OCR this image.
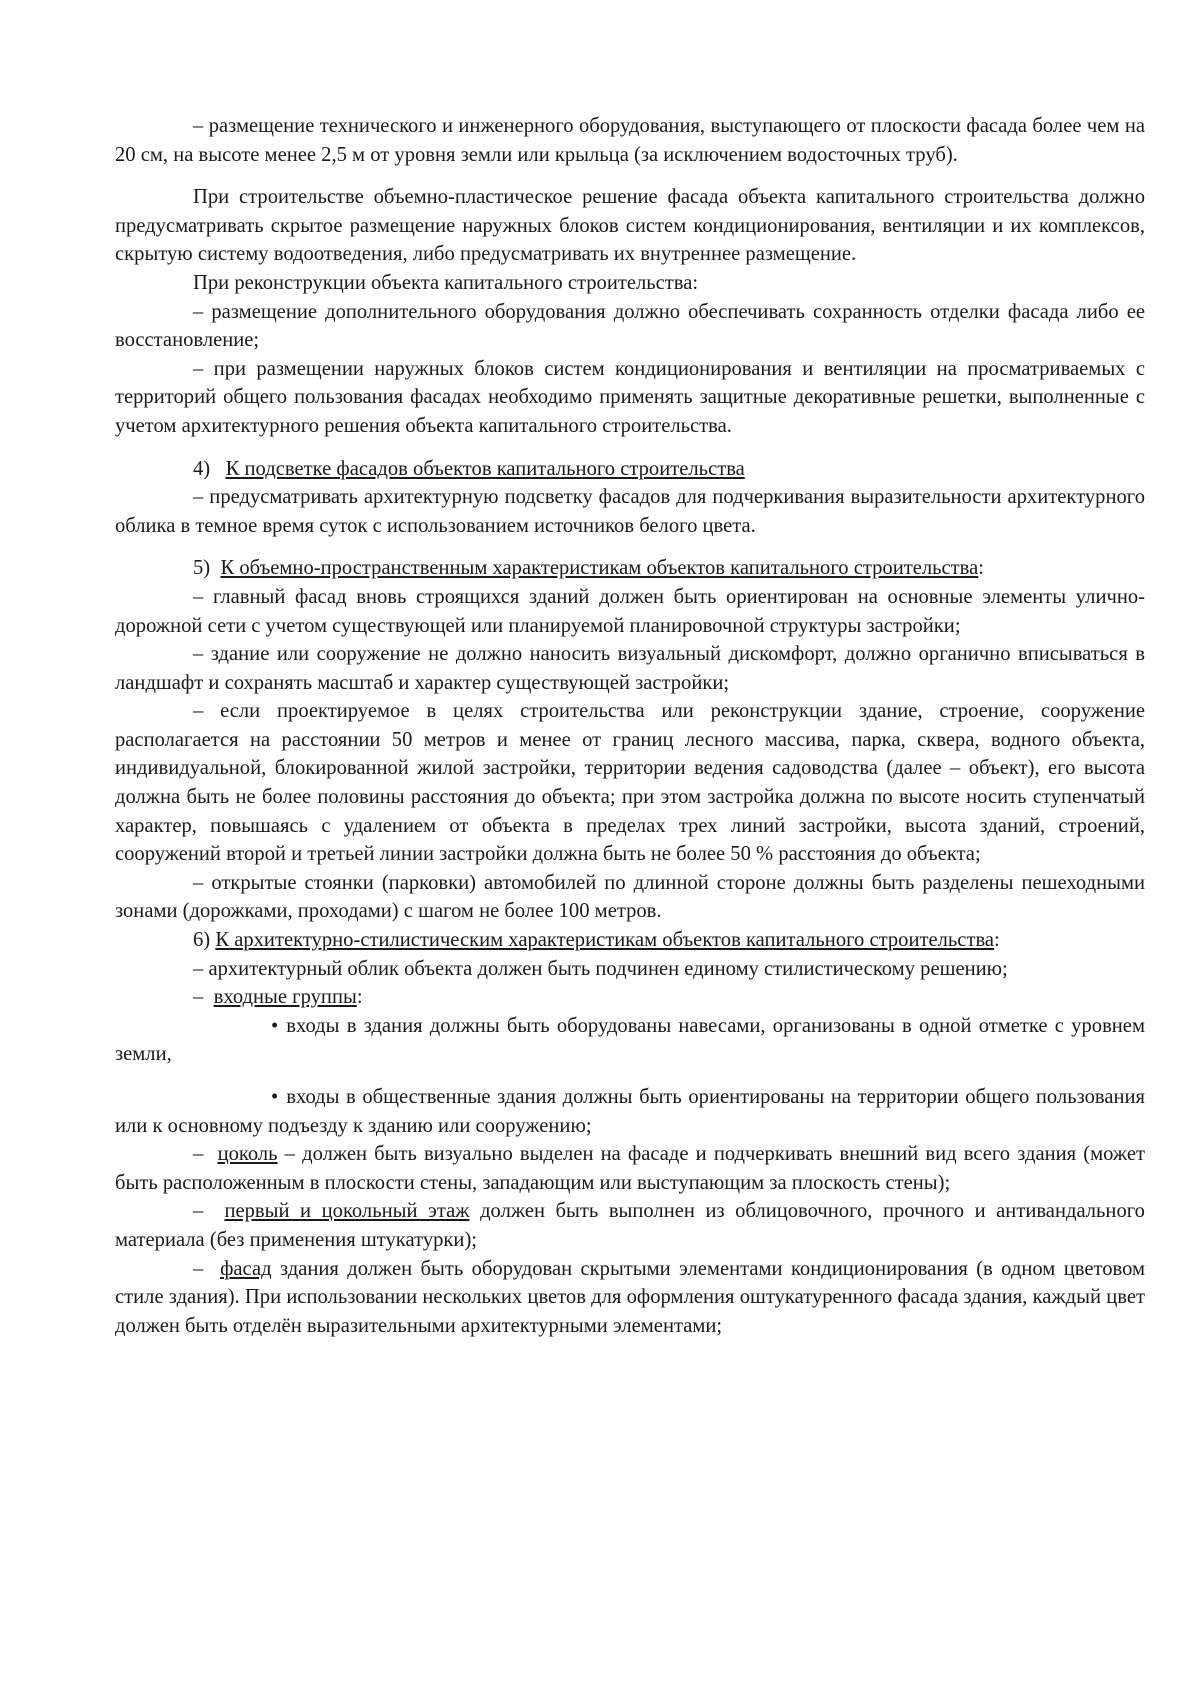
– размещение технического и инженерного оборудования, выступающего от плоскости фасада более чем на 20 см, на высоте менее 2,5 м от уровня земли или крыльца (за исключением водосточных труб).

При строительстве объемно-пластическое решение фасада объекта капитального строительства должно предусматривать скрытое размещение наружных блоков систем кондиционирования, вентиляции и их комплексов, скрытую систему водоотведения, либо предусматривать их внутреннее размещение.

При реконструкции объекта капитального строительства:

– размещение дополнительного оборудования должно обеспечивать сохранность отделки фасада либо ее восстановление;

– при размещении наружных блоков систем кондиционирования и вентиляции на просматриваемых с территорий общего пользования фасадах необходимо применять защитные декоративные решетки, выполненные с учетом архитектурного решения объекта капитального строительства.

4) К подсветке фасадов объектов капитального строительства

– предусматривать архитектурную подсветку фасадов для подчеркивания выразительности архитектурного облика в темное время суток с использованием источников белого цвета.

5) К объемно-пространственным характеристикам объектов капитального строительства:

– главный фасад вновь строящихся зданий должен быть ориентирован на основные элементы улично-дорожной сети с учетом существующей или планируемой планировочной структуры застройки;

– здание или сооружение не должно наносить визуальный дискомфорт, должно органично вписываться в ландшафт и сохранять масштаб и характер существующей застройки;

– если проектируемое в целях строительства или реконструкции здание, строение, сооружение располагается на расстоянии 50 метров и менее от границ лесного массива, парка, сквера, водного объекта, индивидуальной, блокированной жилой застройки, территории ведения садоводства (далее – объект), его высота должна быть не более половины расстояния до объекта; при этом застройка должна по высоте носить ступенчатый характер, повышаясь с удалением от объекта в пределах трех линий застройки, высота зданий, строений, сооружений второй и третьей линии застройки должна быть не более 50 % расстояния до объекта;

– открытые стоянки (парковки) автомобилей по длинной стороне должны быть разделены пешеходными зонами (дорожками, проходами) с шагом не более 100 метров.

6) К архитектурно-стилистическим характеристикам объектов капитального строительства:

– архитектурный облик объекта должен быть подчинен единому стилистическому решению;

– входные группы:

• входы в здания должны быть оборудованы навесами, организованы в одной отметке с уровнем земли,

• входы в общественные здания должны быть ориентированы на территории общего пользования или к основному подъезду к зданию или сооружению;

– цоколь – должен быть визуально выделен на фасаде и подчеркивать внешний вид всего здания (может быть расположенным в плоскости стены, западающим или выступающим за плоскость стены);

– первый и цокольный этаж должен быть выполнен из облицовочного, прочного и антивандального материала (без применения штукатурки);

– фасад здания должен быть оборудован скрытыми элементами кондиционирования (в одном цветовом стиле здания). При использовании нескольких цветов для оформления оштукатуренного фасада здания, каждый цвет должен быть отделён выразительными архитектурными элементами;
